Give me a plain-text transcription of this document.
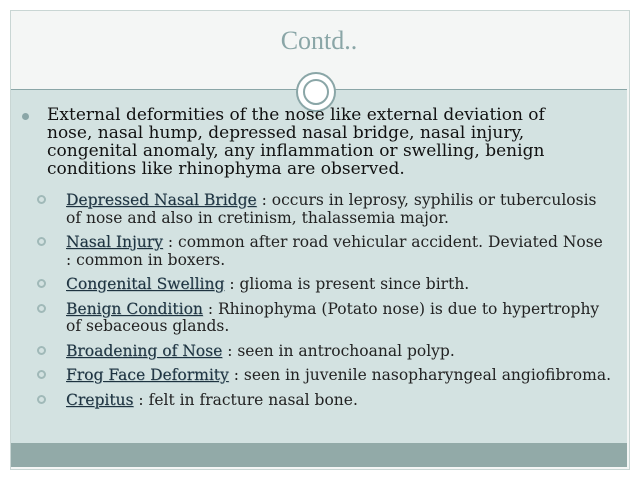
Contd..
External deformities of the nose like external deviation of nose, nasal hump, depressed nasal bridge, nasal injury, congenital anomaly, any inflammation or swelling, benign conditions like rhinophyma are observed.
Depressed Nasal Bridge : occurs in leprosy, syphilis or tuberculosis of nose and also in cretinism, thalassemia major.
Nasal Injury : common after road vehicular accident. Deviated Nose : common in boxers.
Congenital Swelling : glioma is present since birth.
Benign Condition : Rhinophyma (Potato nose) is due to hypertrophy of sebaceous glands.
Broadening of Nose : seen in antrochoanal polyp.
Frog Face Deformity : seen in juvenile nasopharyngeal angiofibroma.
Crepitus : felt in fracture nasal bone.
